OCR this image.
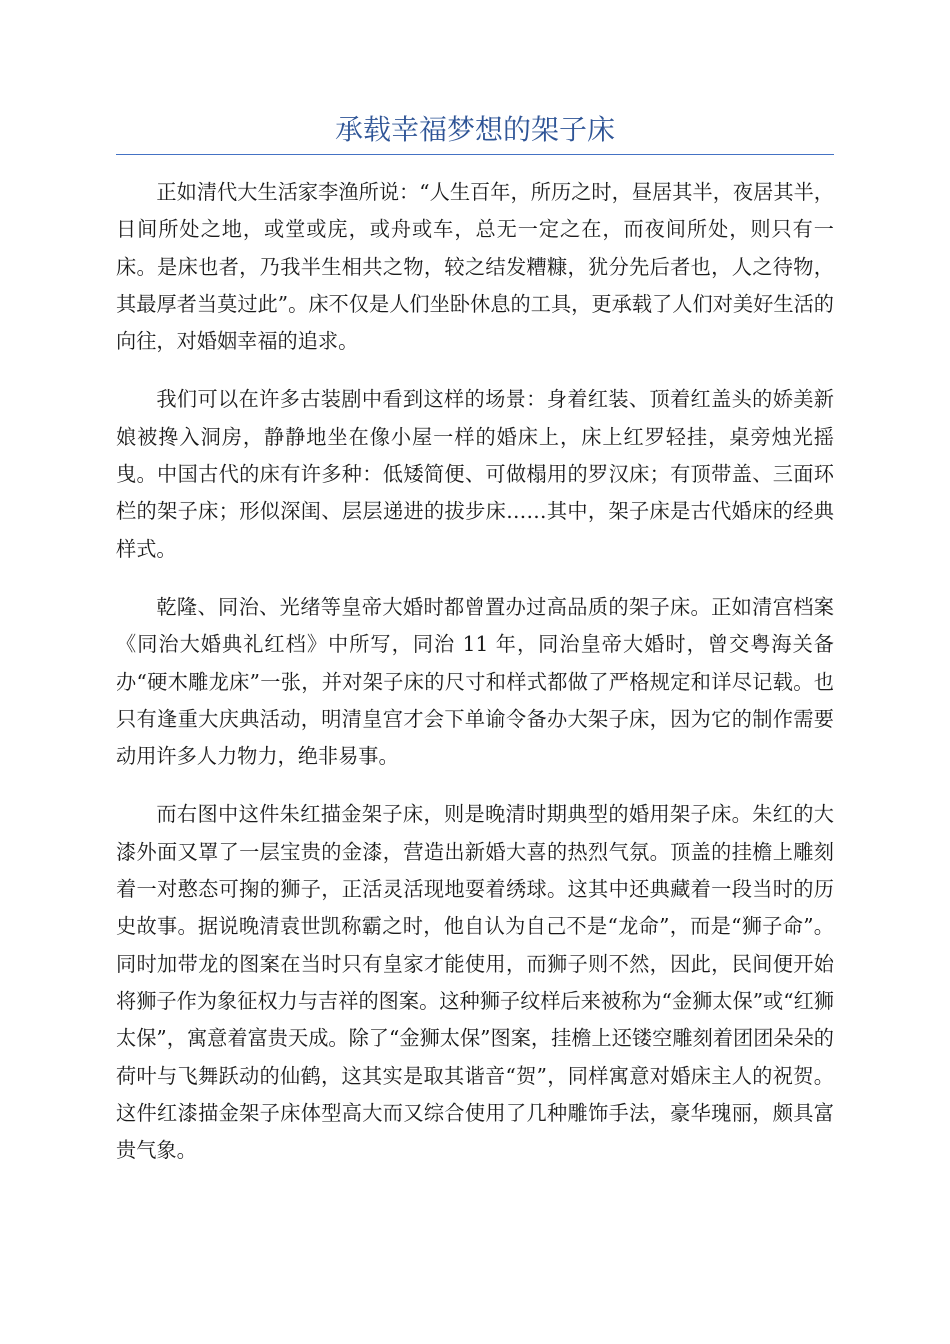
承载幸福梦想的架子床

正如清代大生活家李渔所说：“人生百年，所历之时，昼居其半，夜居其半，日间所处之地，或堂或庑，或舟或车，总无一定之在，而夜间所处，则只有一床。是床也者，乃我半生相共之物，较之结发糟糠，犹分先后者也，人之待物，其最厚者当莫过此”。床不仅是人们坐卧休息的工具，更承载了人们对美好生活的向往，对婚姻幸福的追求。

我们可以在许多古装剧中看到这样的场景：身着红装、顶着红盖头的娇美新娘被搀入洞房，静静地坐在像小屋一样的婚床上，床上红罗轻挂，桌旁烛光摇曳。中国古代的床有许多种：低矮简便、可做榻用的罗汉床；有顶带盖、三面环栏的架子床；形似深闺、层层递进的拔步床……其中，架子床是古代婚床的经典样式。

乾隆、同治、光绪等皇帝大婚时都曾置办过高品质的架子床。正如清宫档案《同治大婚典礼红档》中所写，同治 11 年，同治皇帝大婚时，曾交粤海关备办“硬木雕龙床”一张，并对架子床的尺寸和样式都做了严格规定和详尽记载。也只有逢重大庆典活动，明清皇宫才会下单谕令备办大架子床，因为它的制作需要动用许多人力物力，绝非易事。

而右图中这件朱红描金架子床，则是晚清时期典型的婚用架子床。朱红的大漆外面又罩了一层宝贵的金漆，营造出新婚大喜的热烈气氛。顶盖的挂檐上雕刻着一对憨态可掬的狮子，正活灵活现地耍着绣球。这其中还典藏着一段当时的历史故事。据说晚清袁世凯称霸之时，他自认为自己不是“龙命”，而是“狮子命”。同时加带龙的图案在当时只有皇家才能使用，而狮子则不然，因此，民间便开始将狮子作为象征权力与吉祥的图案。这种狮子纹样后来被称为“金狮太保”或“红狮太保”，寓意着富贵天成。除了“金狮太保”图案，挂檐上还镂空雕刻着团团朵朵的荷叶与飞舞跃动的仙鹤，这其实是取其谐音“贺”，同样寓意对婚床主人的祝贺。这件红漆描金架子床体型高大而又综合使用了几种雕饰手法，豪华瑰丽，颇具富贵气象。
